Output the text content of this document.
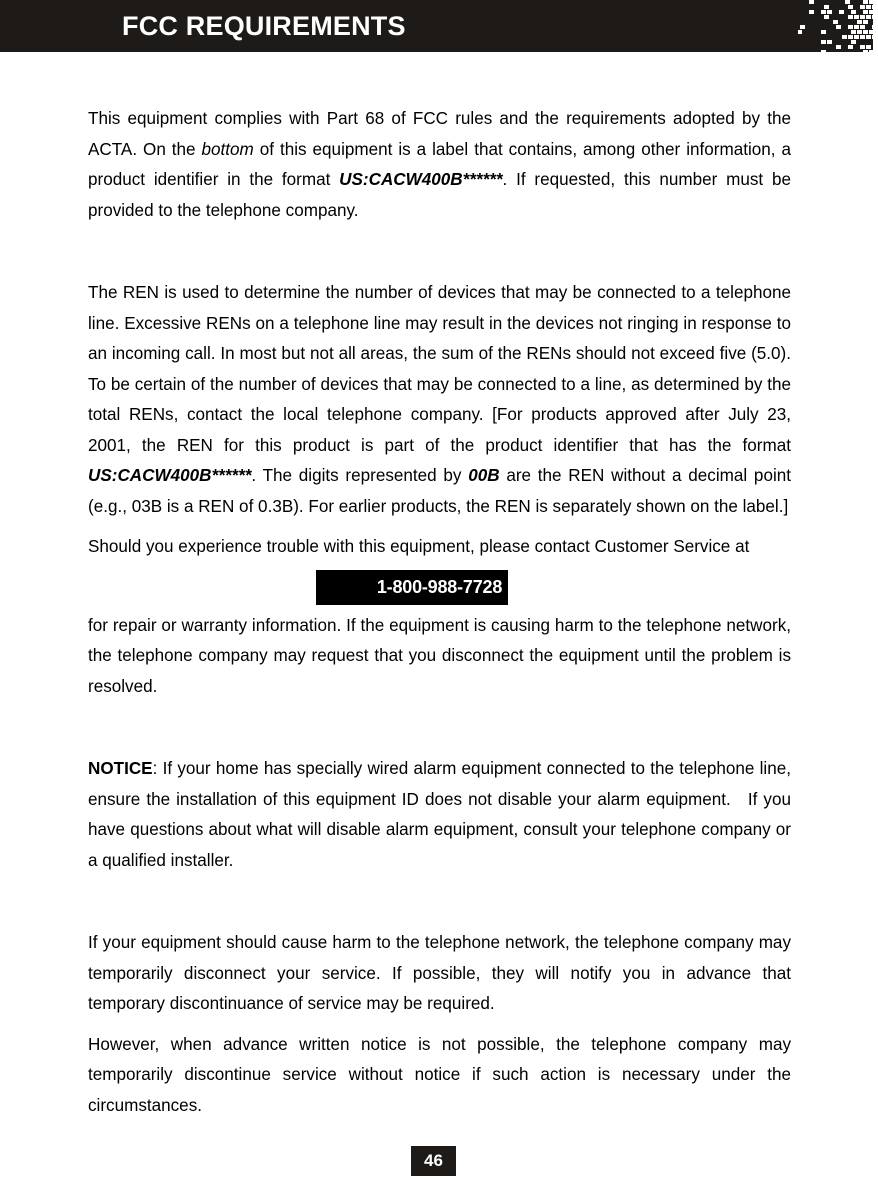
FCC REQUIREMENTS

This equipment complies with Part 68 of FCC rules and the requirements adopted by the ACTA. On the bottom of this equipment is a label that contains, among other information, a product identifier in the format US:CACW400B******. If requested, this number must be provided to the telephone company.

The REN is used to determine the number of devices that may be connected to a telephone line. Excessive RENs on a telephone line may result in the devices not ringing in response to an incoming call. In most but not all areas, the sum of the RENs should not exceed five (5.0). To be certain of the number of devices that may be connected to a line, as determined by the total RENs, contact the local telephone company. [For products approved after July 23, 2001, the REN for this product is part of the product identifier that has the format US:CACW400B******. The digits represented by 00B are the REN without a decimal point (e.g., 03B is a REN of 0.3B). For earlier products, the REN is separately shown on the label.]

Should you experience trouble with this equipment, please contact Customer Service at

1-800-988-7728

for repair or warranty information. If the equipment is causing harm to the telephone network, the telephone company may request that you disconnect the equipment until the problem is resolved.

NOTICE: If your home has specially wired alarm equipment connected to the telephone line, ensure the installation of this equipment ID does not disable your alarm equipment. If you have questions about what will disable alarm equipment, consult your telephone company or a qualified installer.

If your equipment should cause harm to the telephone network, the telephone company may temporarily disconnect your service. If possible, they will notify you in advance that temporary discontinuance of service may be required.

However, when advance written notice is not possible, the telephone company may temporarily discontinue service without notice if such action is necessary under the circumstances.

46
